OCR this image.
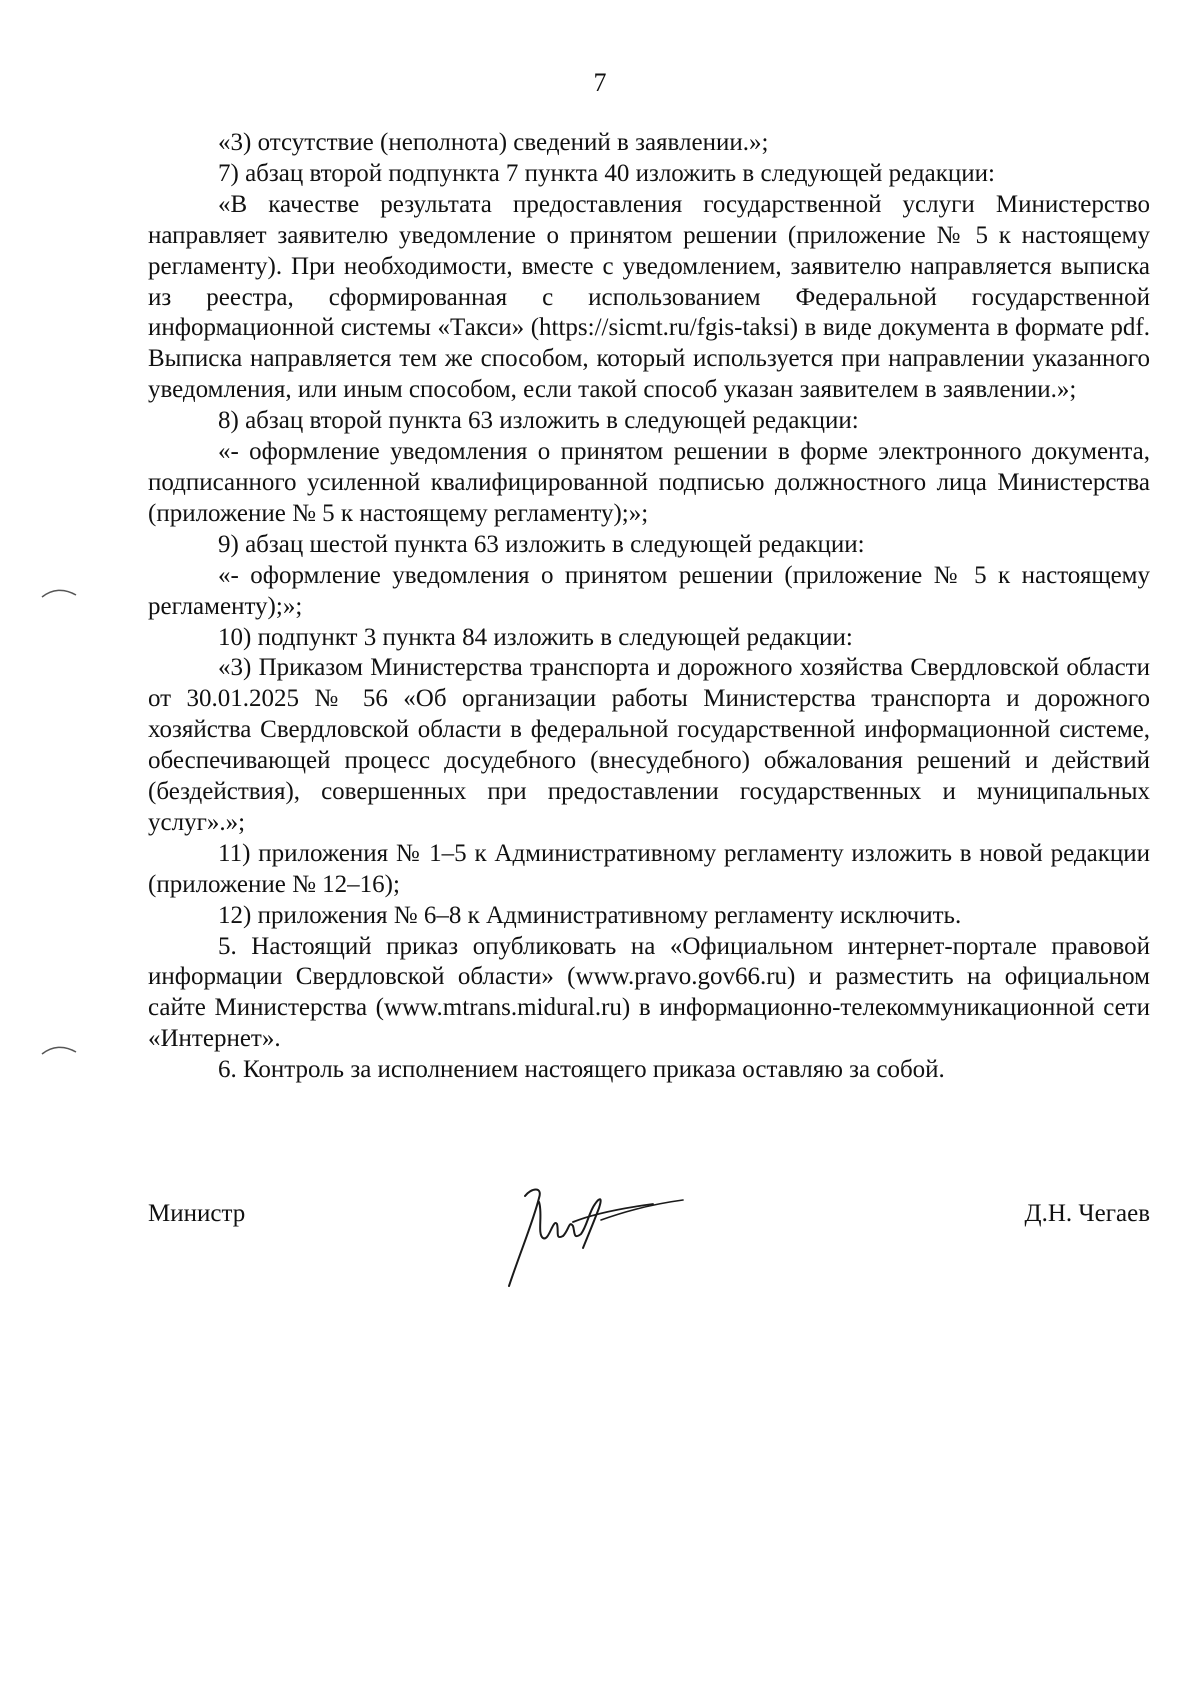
7

«3) отсутствие (неполнота) сведений в заявлении.»;

7) абзац второй подпункта 7 пункта 40 изложить в следующей редакции:

«В качестве результата предоставления государственной услуги Министерство направляет заявителю уведомление о принятом решении (приложение № 5 к настоящему регламенту). При необходимости, вместе с уведомлением, заявителю направляется выписка из реестра, сформированная с использованием Федеральной государственной информационной системы «Такси» (https://sicmt.ru/fgis-taksi) в виде документа в формате pdf. Выписка направляется тем же способом, который используется при направлении указанного уведомления, или иным способом, если такой способ указан заявителем в заявлении.»;

8) абзац второй пункта 63 изложить в следующей редакции:

«- оформление уведомления о принятом решении в форме электронного документа, подписанного усиленной квалифицированной подписью должностного лица Министерства (приложение № 5 к настоящему регламенту);»;

9) абзац шестой пункта 63 изложить в следующей редакции:

«- оформление уведомления о принятом решении (приложение № 5 к настоящему регламенту);»;

10) подпункт 3 пункта 84 изложить в следующей редакции:

«3) Приказом Министерства транспорта и дорожного хозяйства Свердловской области от 30.01.2025 № 56 «Об организации работы Министерства транспорта и дорожного хозяйства Свердловской области в федеральной государственной информационной системе, обеспечивающей процесс досудебного (внесудебного) обжалования решений и действий (бездействия), совершенных при предоставлении государственных и муниципальных услуг».»;

11) приложения № 1–5 к Административному регламенту изложить в новой редакции (приложение № 12–16);

12) приложения № 6–8 к Административному регламенту исключить.

5. Настоящий приказ опубликовать на «Официальном интернет-портале правовой информации Свердловской области» (www.pravo.gov66.ru) и разместить на официальном сайте Министерства (www.mtrans.midural.ru) в информационно-телекоммуникационной сети «Интернет».

6. Контроль за исполнением настоящего приказа оставляю за собой.

Министр	Д.Н. Чегаев
